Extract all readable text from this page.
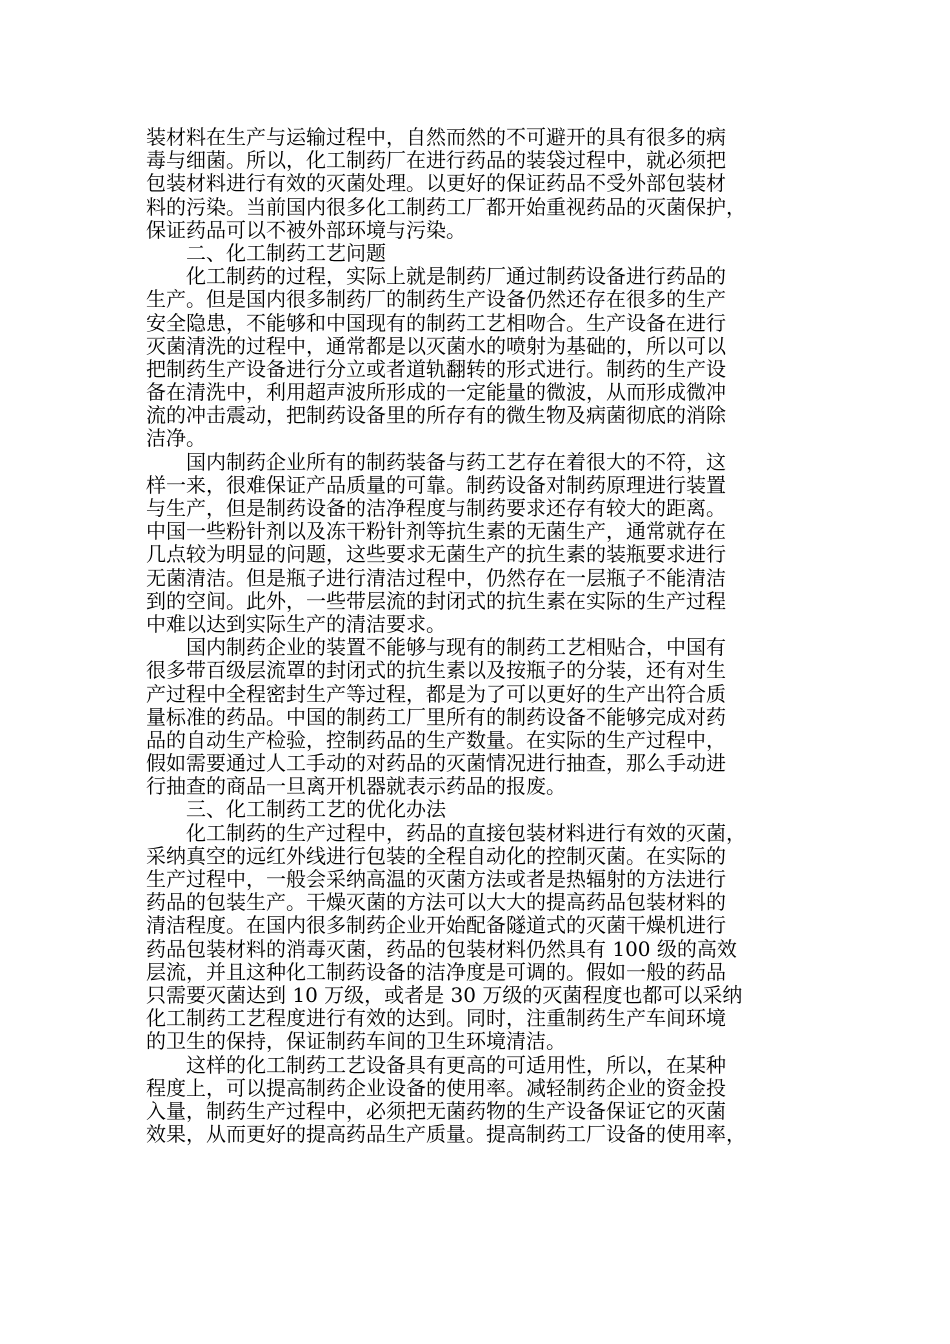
装材料在生产与运输过程中，自然而然的不可避开的具有很多的病
毒与细菌。所以，化工制药厂在进行药品的装袋过程中，就必须把
包装材料进行有效的灭菌处理。以更好的保证药品不受外部包装材
料的污染。当前国内很多化工制药工厂都开始重视药品的灭菌保护，
保证药品可以不被外部环境与污染。
二、化工制药工艺问题
化工制药的过程，实际上就是制药厂通过制药设备进行药品的
生产。但是国内很多制药厂的制药生产设备仍然还存在很多的生产
安全隐患，不能够和中国现有的制药工艺相吻合。生产设备在进行
灭菌清洗的过程中，通常都是以灭菌水的喷射为基础的，所以可以
把制药生产设备进行分立或者道轨翻转的形式进行。制药的生产设
备在清洗中，利用超声波所形成的一定能量的微波，从而形成微冲
流的冲击震动，把制药设备里的所存有的微生物及病菌彻底的消除
洁净。
国内制药企业所有的制药装备与药工艺存在着很大的不符，这
样一来，很难保证产品质量的可靠。制药设备对制药原理进行装置
与生产，但是制药设备的洁净程度与制药要求还存有较大的距离。
中国一些粉针剂以及冻干粉针剂等抗生素的无菌生产，通常就存在
几点较为明显的问题，这些要求无菌生产的抗生素的装瓶要求进行
无菌清洁。但是瓶子进行清洁过程中，仍然存在一层瓶子不能清洁
到的空间。此外，一些带层流的封闭式的抗生素在实际的生产过程
中难以达到实际生产的清洁要求。
国内制药企业的装置不能够与现有的制药工艺相贴合，中国有
很多带百级层流罩的封闭式的抗生素以及按瓶子的分装，还有对生
产过程中全程密封生产等过程，都是为了可以更好的生产出符合质
量标准的药品。中国的制药工厂里所有的制药设备不能够完成对药
品的自动生产检验，控制药品的生产数量。在实际的生产过程中，
假如需要通过人工手动的对药品的灭菌情况进行抽查，那么手动进
行抽查的商品一旦离开机器就表示药品的报废。
三、化工制药工艺的优化办法
化工制药的生产过程中，药品的直接包装材料进行有效的灭菌，
采纳真空的远红外线进行包装的全程自动化的控制灭菌。在实际的
生产过程中，一般会采纳高温的灭菌方法或者是热辐射的方法进行
药品的包装生产。干燥灭菌的方法可以大大的提高药品包装材料的
清洁程度。在国内很多制药企业开始配备隧道式的灭菌干燥机进行
药品包装材料的消毒灭菌，药品的包装材料仍然具有 100 级的高效
层流，并且这种化工制药设备的洁净度是可调的。假如一般的药品
只需要灭菌达到 10 万级，或者是 30 万级的灭菌程度也都可以采纳
化工制药工艺程度进行有效的达到。同时，注重制药生产车间环境
的卫生的保持，保证制药车间的卫生环境清洁。
这样的化工制药工艺设备具有更高的可适用性，所以，在某种
程度上，可以提高制药企业设备的使用率。减轻制药企业的资金投
入量，制药生产过程中，必须把无菌药物的生产设备保证它的灭菌
效果，从而更好的提高药品生产质量。提高制药工厂设备的使用率，
